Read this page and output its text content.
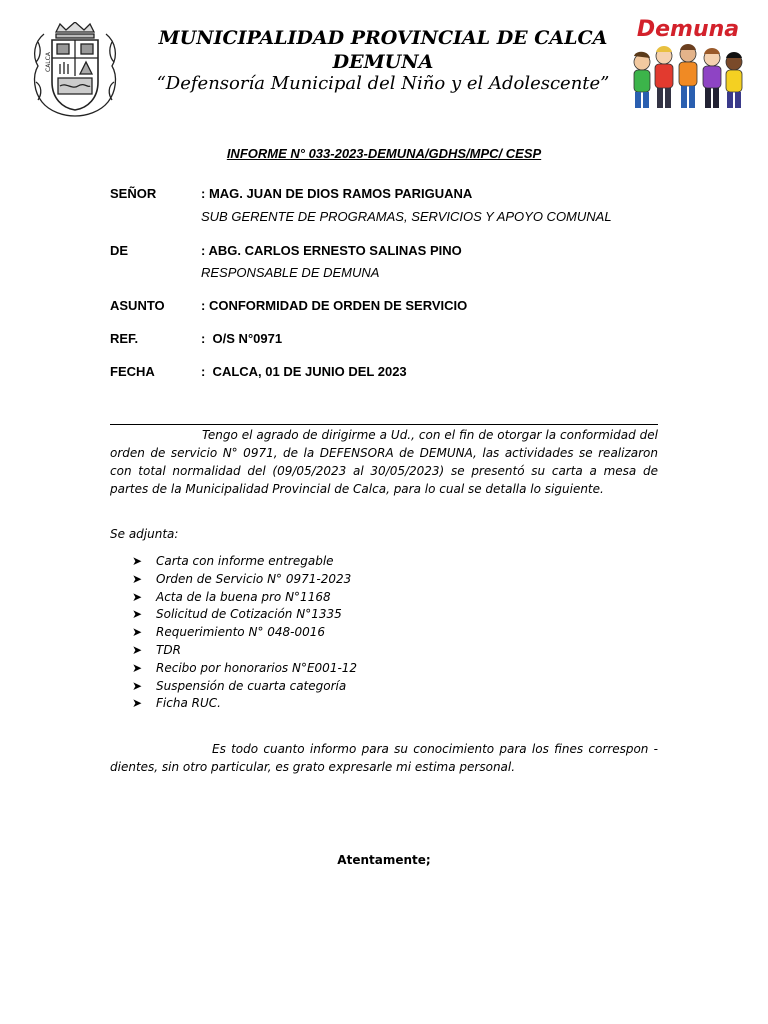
CALCA

MUNICIPALIDAD PROVINCIAL DE CALCA
DEMUNA
“Defensoría Municipal del Niño y el Adolescente”
Demuna
INFORME N° 033-2023-DEMUNA/GDHS/MPC/ CESP
SEÑOR	: MAG. JUAN DE DIOS RAMOS PARIGUANA
SUB GERENTE DE PROGRAMAS, SERVICIOS Y APOYO COMUNAL
DE	: ABG. CARLOS ERNESTO SALINAS PINO
RESPONSABLE DE DEMUNA
ASUNTO	: CONFORMIDAD DE ORDEN DE SERVICIO
REF.	:  O/S N°0971
FECHA	:  CALCA, 01 DE JUNIO DEL 2023

Tengo el agrado de dirigirme a Ud., con el fin de otorgar la conformidad del orden de servicio N° 0971, de la DEFENSORA de DEMUNA, las actividades se realizaron con total normalidad del (09/05/2023 al 30/05/2023) se presentó su carta a mesa de partes de la Municipalidad Provincial de Calca, para lo cual se detalla lo siguiente.

Se adjunta:
➤ Carta con informe entregable
➤ Orden de Servicio N° 0971-2023
➤ Acta de la buena pro N°1168
➤ Solicitud de Cotización N°1335
➤ Requerimiento N° 048-0016
➤ TDR
➤ Recibo por honorarios N°E001-12
➤ Suspensión de cuarta categoría
➤ Ficha RUC.

Es todo cuanto informo para su conocimiento para los fines correspon - dientes, sin otro particular, es grato expresarle mi estima personal.

Atentamente;
